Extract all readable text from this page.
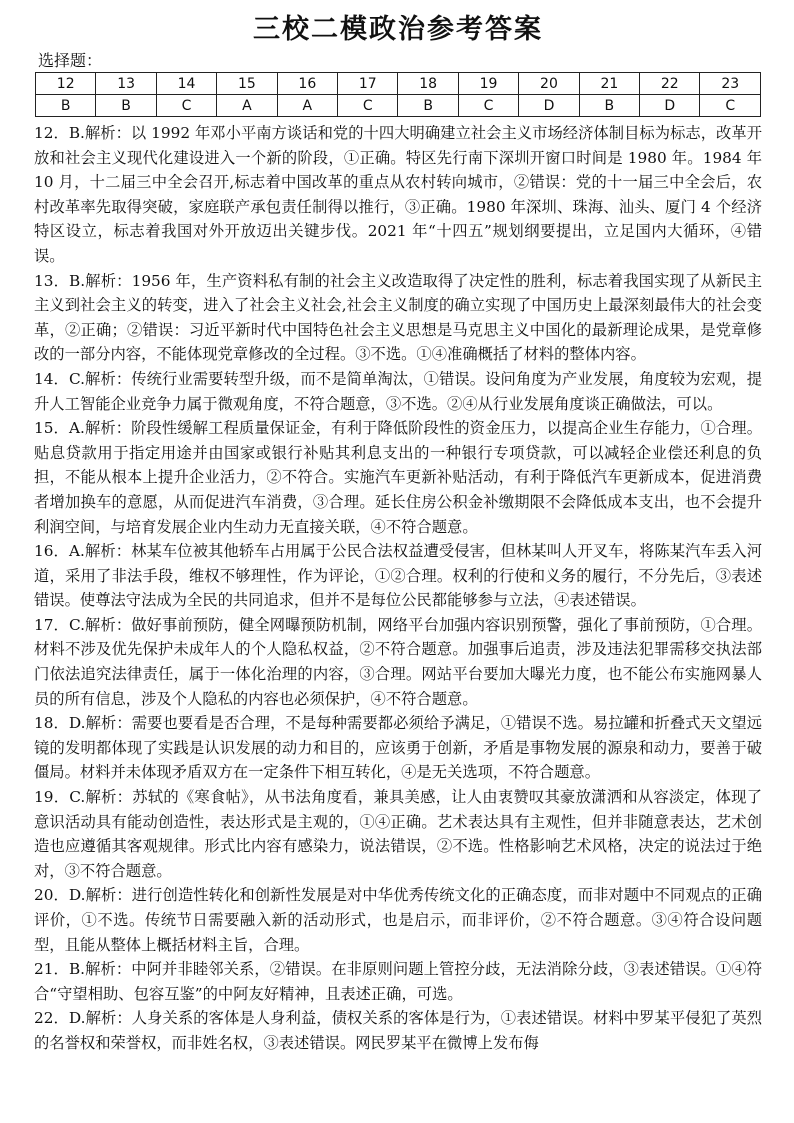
三校二模政治参考答案
选择题：
12	13	14	15	16	17	18	19	20	21	22	23
B	B	C	A	A	C	B	C	D	B	D	C

12．B.解析：以 1992 年邓小平南方谈话和党的十四大明确建立社会主义市场经济体制目标为标志，改革开放和社会主义现代化建设进入一个新的阶段，①正确。特区先行南下深圳开窗口时间是 1980 年。1984 年 10 月，十二届三中全会召开,标志着中国改革的重点从农村转向城市，②错误：党的十一届三中全会后，农村改革率先取得突破，家庭联产承包责任制得以推行，③正确。1980 年深圳、珠海、汕头、厦门 4 个经济特区设立，标志着我国对外开放迈出关键步伐。2021 年“十四五”规划纲要提出，立足国内大循环，④错误。

13．B.解析：1956 年，生产资料私有制的社会主义改造取得了决定性的胜利，标志着我国实现了从新民主主义到社会主义的转变，进入了社会主义社会,社会主义制度的确立实现了中国历史上最深刻最伟大的社会变革，②正确；②错误：习近平新时代中国特色社会主义思想是马克思主义中国化的最新理论成果，是党章修改的一部分内容，不能体现党章修改的全过程。③不选。①④准确概括了材料的整体内容。

14．C.解析：传统行业需要转型升级，而不是简单淘汰，①错误。设问角度为产业发展，角度较为宏观，提升人工智能企业竞争力属于微观角度，不符合题意，③不选。②④从行业发展角度谈正确做法，可以。

15．A.解析：阶段性缓解工程质量保证金，有利于降低阶段性的资金压力，以提高企业生存能力，①合理。贴息贷款用于指定用途并由国家或银行补贴其利息支出的一种银行专项贷款，可以减轻企业偿还利息的负担，不能从根本上提升企业活力，②不符合。实施汽车更新补贴活动，有利于降低汽车更新成本，促进消费者增加换车的意愿，从而促进汽车消费，③合理。延长住房公积金补缴期限不会降低成本支出，也不会提升利润空间，与培育发展企业内生动力无直接关联，④不符合题意。

16．A.解析：林某车位被其他轿车占用属于公民合法权益遭受侵害，但林某叫人开叉车，将陈某汽车丢入河道，采用了非法手段，维权不够理性，作为评论，①②合理。权利的行使和义务的履行，不分先后，③表述错误。使尊法守法成为全民的共同追求，但并不是每位公民都能够参与立法，④表述错误。

17．C.解析：做好事前预防，健全网曝预防机制，网络平台加强内容识别预警，强化了事前预防，①合理。材料不涉及优先保护未成年人的个人隐私权益，②不符合题意。加强事后追责，涉及违法犯罪需移交执法部门依法追究法律责任，属于一体化治理的内容，③合理。网站平台要加大曝光力度，也不能公布实施网暴人员的所有信息，涉及个人隐私的内容也必须保护，④不符合题意。

18．D.解析：需要也要看是否合理，不是每种需要都必须给予满足，①错误不选。易拉罐和折叠式天文望远镜的发明都体现了实践是认识发展的动力和目的，应该勇于创新，矛盾是事物发展的源泉和动力，要善于破僵局。材料并未体现矛盾双方在一定条件下相互转化，④是无关选项，不符合题意。

19．C.解析：苏轼的《寒食帖》，从书法角度看，兼具美感，让人由衷赞叹其豪放潇洒和从容淡定，体现了意识活动具有能动创造性，表达形式是主观的，①④正确。艺术表达具有主观性，但并非随意表达，艺术创造也应遵循其客观规律。形式比内容有感染力，说法错误，②不选。性格影响艺术风格，决定的说法过于绝对，③不符合题意。

20．D.解析：进行创造性转化和创新性发展是对中华优秀传统文化的正确态度，而非对题中不同观点的正确评价，①不选。传统节日需要融入新的活动形式，也是启示，而非评价，②不符合题意。③④符合设问题型，且能从整体上概括材料主旨，合理。

21．B.解析：中阿并非睦邻关系，②错误。在非原则问题上管控分歧，无法消除分歧，③表述错误。①④符合“守望相助、包容互鉴”的中阿友好精神，且表述正确，可选。

22．D.解析：人身关系的客体是人身利益，债权关系的客体是行为，①表述错误。材料中罗某平侵犯了英烈的名誉权和荣誉权，而非姓名权，③表述错误。网民罗某平在微博上发布侮
